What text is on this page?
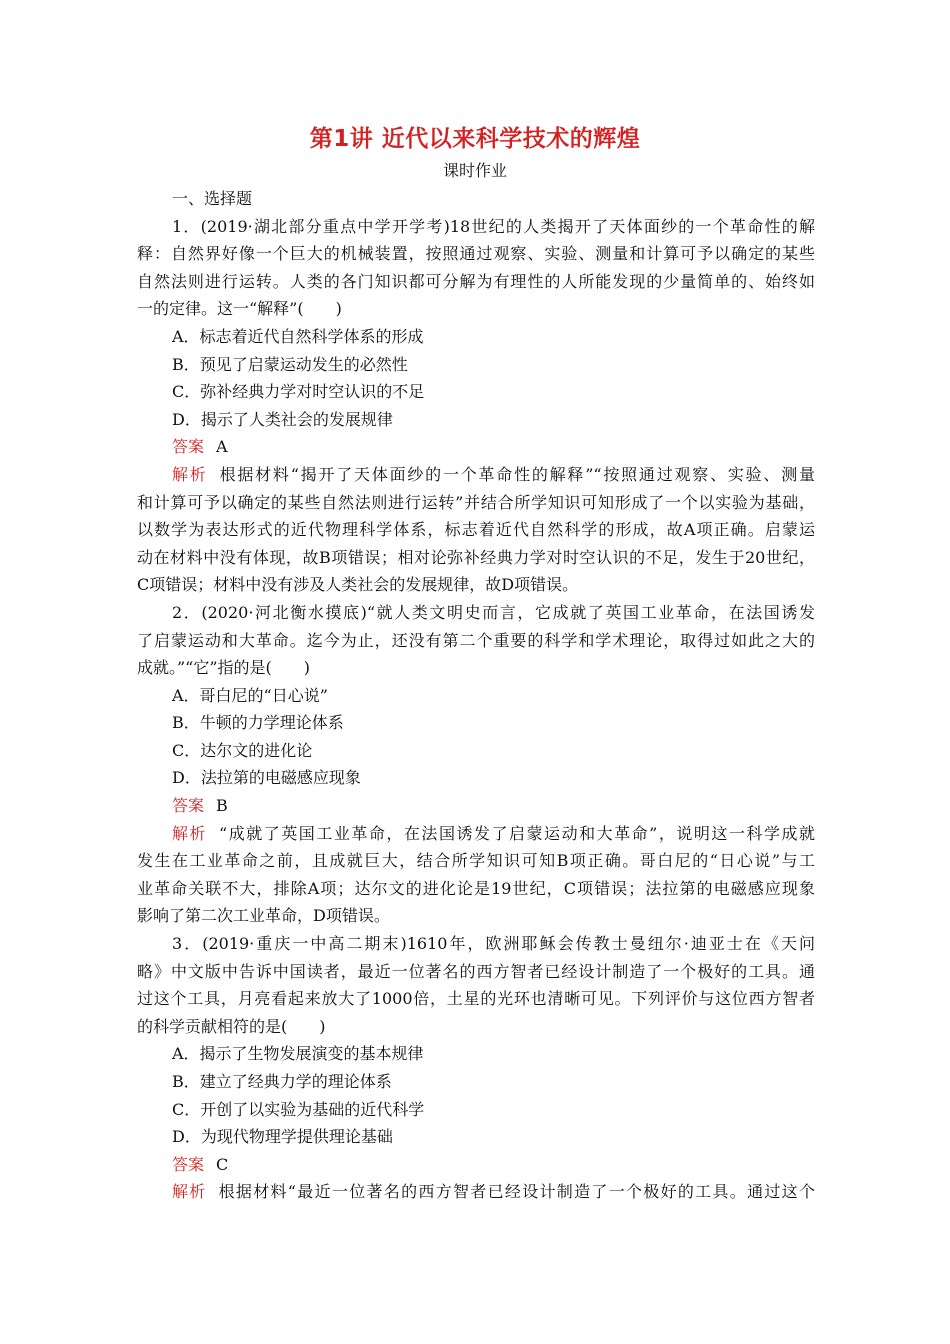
第1讲 近代以来科学技术的辉煌
课时作业
一、选择题
1．(2019·湖北部分重点中学开学考)18世纪的人类揭开了天体面纱的一个革命性的解
释：自然界好像一个巨大的机械装置，按照通过观察、实验、测量和计算可予以确定的某些
自然法则进行运转。人类的各门知识都可分解为有理性的人所能发现的少量简单的、始终如
一的定律。这一“解释”(　　)
A．标志着近代自然科学体系的形成
B．预见了启蒙运动发生的必然性
C．弥补经典力学对时空认识的不足
D．揭示了人类社会的发展规律
答案 A
解析 根据材料“揭开了天体面纱的一个革命性的解释”“按照通过观察、实验、测量
和计算可予以确定的某些自然法则进行运转”并结合所学知识可知形成了一个以实验为基础，
以数学为表达形式的近代物理科学体系，标志着近代自然科学的形成，故A项正确。启蒙运
动在材料中没有体现，故B项错误；相对论弥补经典力学对时空认识的不足，发生于20世纪，
C项错误；材料中没有涉及人类社会的发展规律，故D项错误。
2．(2020·河北衡水摸底)“就人类文明史而言，它成就了英国工业革命，在法国诱发
了启蒙运动和大革命。迄今为止，还没有第二个重要的科学和学术理论，取得过如此之大的
成就。”“它”指的是(　　)
A．哥白尼的“日心说”
B．牛顿的力学理论体系
C．达尔文的进化论
D．法拉第的电磁感应现象
答案 B
解析 “成就了英国工业革命，在法国诱发了启蒙运动和大革命”，说明这一科学成就
发生在工业革命之前，且成就巨大，结合所学知识可知B项正确。哥白尼的“日心说”与工
业革命关联不大，排除A项；达尔文的进化论是19世纪，C项错误；法拉第的电磁感应现象
影响了第二次工业革命，D项错误。
3．(2019·重庆一中高二期末)1610年，欧洲耶稣会传教士曼纽尔·迪亚士在《天问
略》中文版中告诉中国读者，最近一位著名的西方智者已经设计制造了一个极好的工具。通
过这个工具，月亮看起来放大了1000倍，土星的光环也清晰可见。下列评价与这位西方智者
的科学贡献相符的是(　　)
A．揭示了生物发展演变的基本规律
B．建立了经典力学的理论体系
C．开创了以实验为基础的近代科学
D．为现代物理学提供理论基础
答案 C
解析 根据材料“最近一位著名的西方智者已经设计制造了一个极好的工具。通过这个
